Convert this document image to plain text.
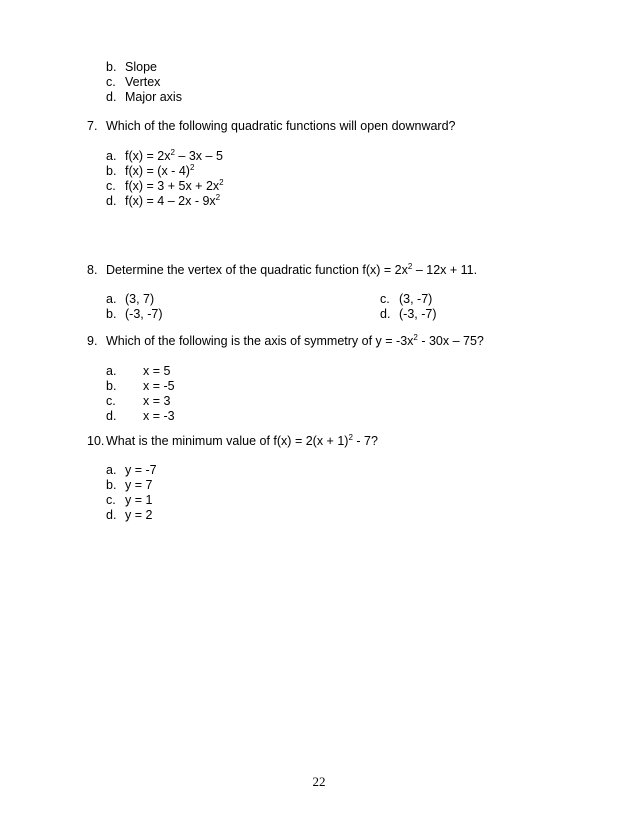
b. Slope
c. Vertex
d. Major axis
7. Which of the following quadratic functions will open downward?
a. $f(x) = 2x^2 - 3x - 5$
b. f(x) = (x - 4)$^2$
c. $f(x) = 3 + 5x + 2x^2$
d. $f(x) = 4 - 2x - 9x^2$
8. Determine the vertex of the quadratic function $f(x) = 2x^2 - 12x + 11$.
a. (3, 7)
b. (-3, -7)
c. (3, -7)
d. (-3, -7)
9. Which of the following is the axis of symmetry of $y = -3x^2 - 30x - 75$?
a. x = 5
b. x = -5
c. x = 3
d. x = -3
10. What is the minimum value of $f(x) = 2(x + 1)^2 - 7$?
a. y = -7
b. y = 7
c. y = 1
d. y = 2
22
